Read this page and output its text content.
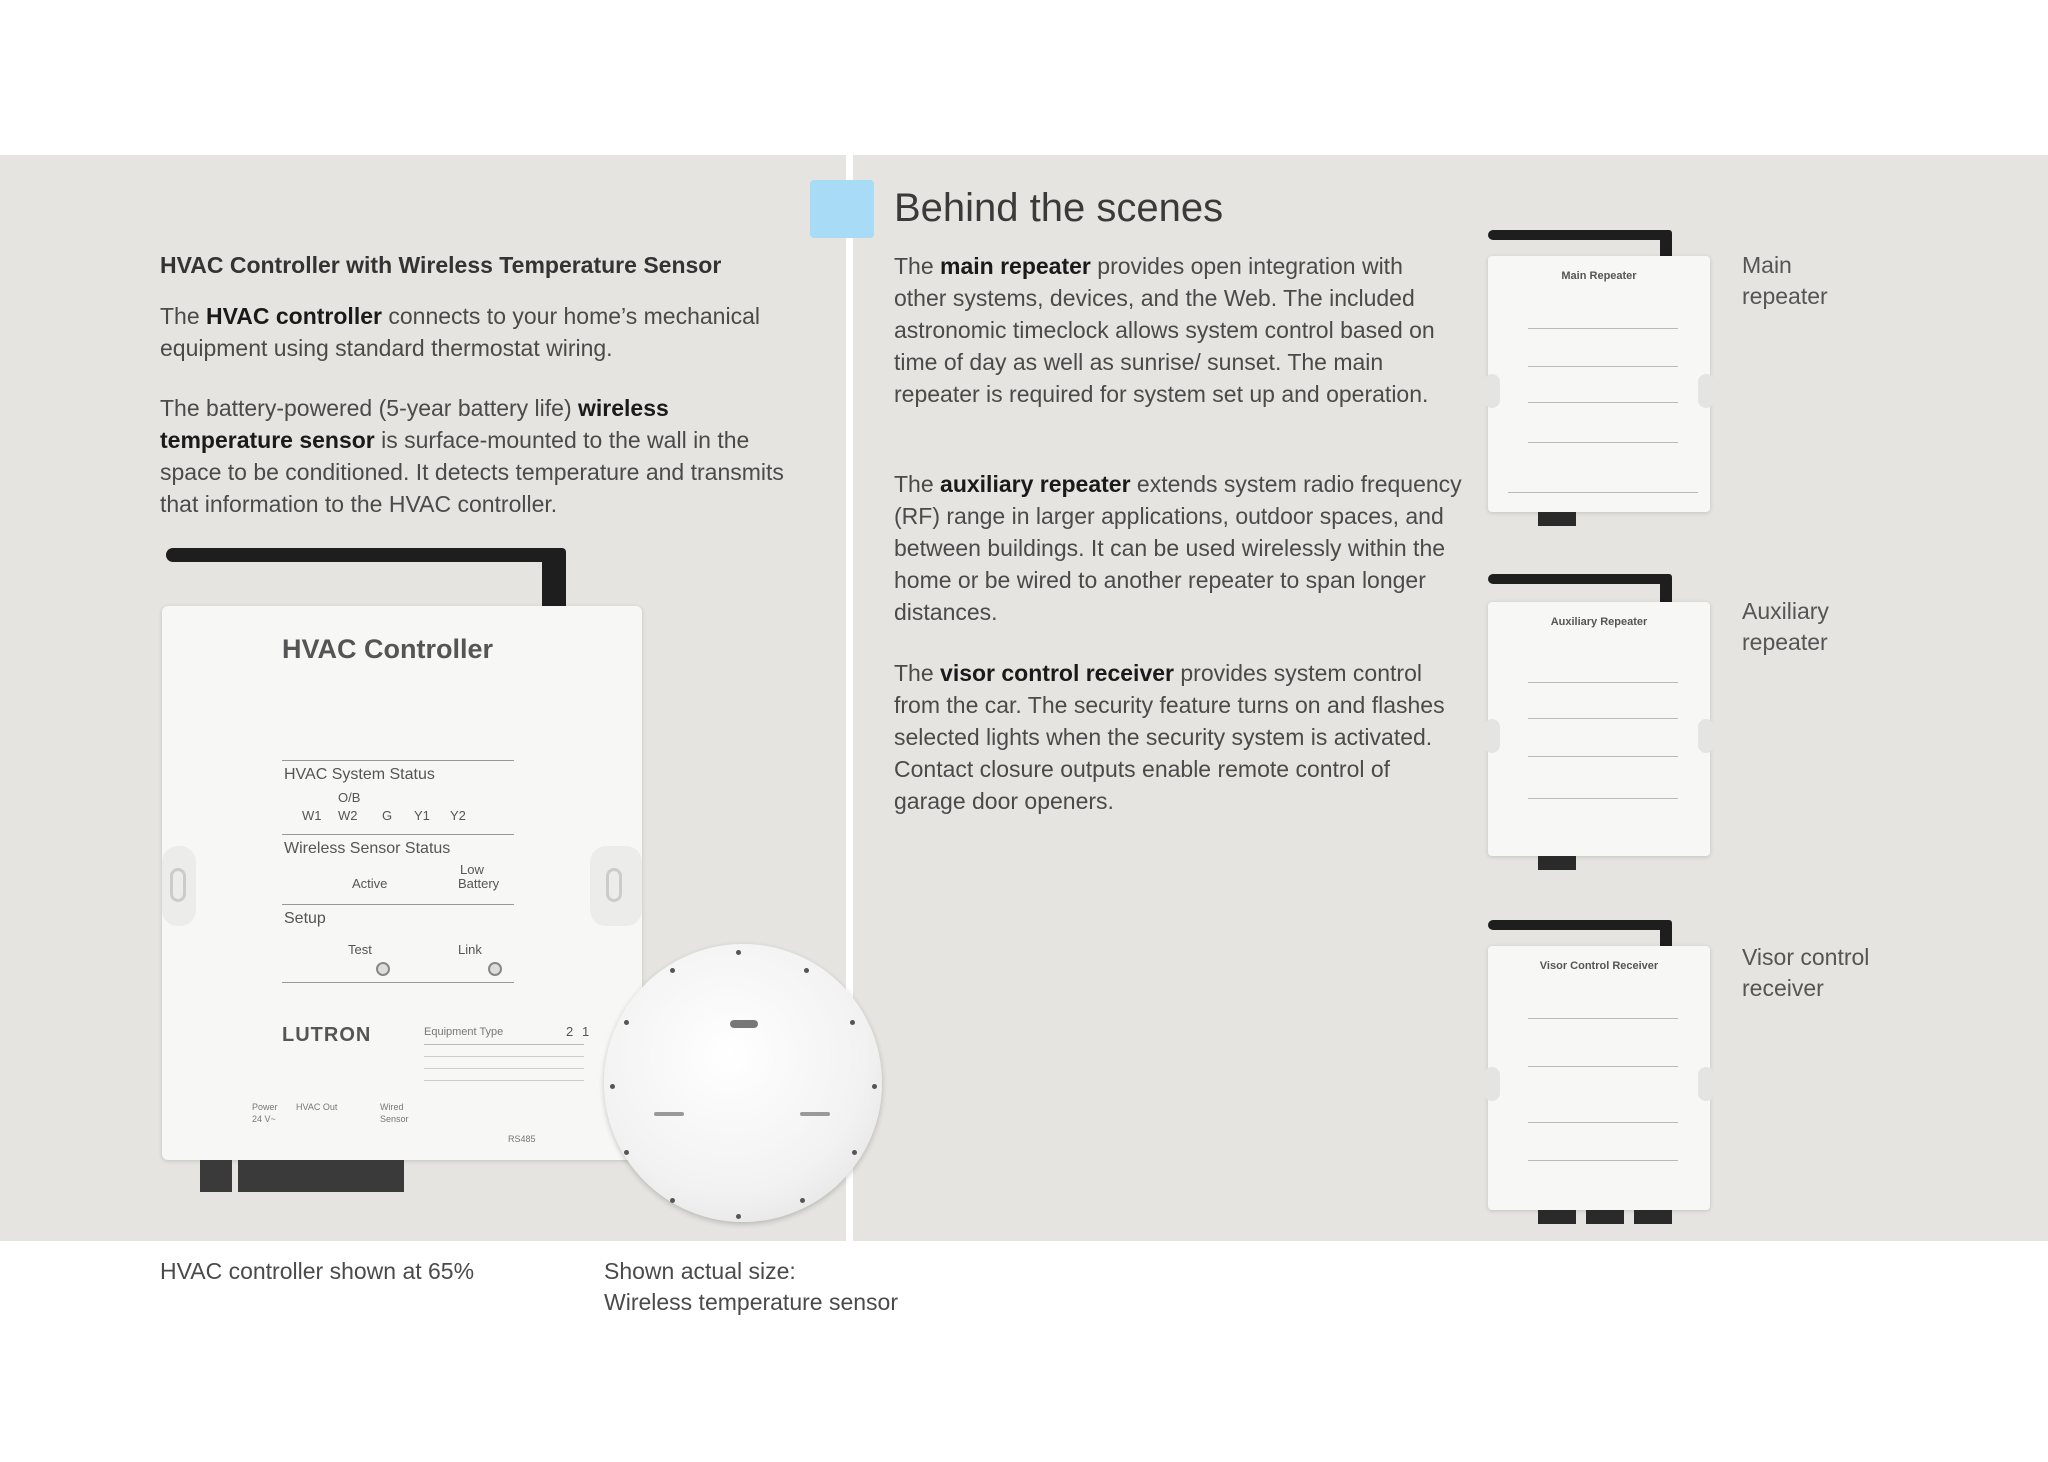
HVAC Controller with Wireless Temperature Sensor

The HVAC controller connects to your home’s mechanical equipment using standard thermostat wiring.

The battery-powered (5-year battery life) wireless temperature sensor is surface-mounted to the wall in the space to be conditioned. It detects temperature and transmits that information to the HVAC controller.

Behind the scenes

The main repeater provides open integration with other systems, devices, and the Web. The included astronomic timeclock allows system control based on time of day as well as sunrise/ sunset. The main repeater is required for system set up and operation.

The auxiliary repeater extends system radio frequency (RF) range in larger applications, outdoor spaces, and between buildings. It can be used wirelessly within the home or be wired to another repeater to span longer distances.

The visor control receiver provides system control from the car. The security feature turns on and flashes selected lights when the security system is activated. Contact closure outputs enable remote control of garage door openers.

Main
repeater
Auxiliary
repeater
Visor control
receiver
HVAC controller shown at 65%	Shown actual size:
Wireless temperature sensor
HVAC Controller
HVAC System Status
O/B
W1 W2 G Y1 Y2
Wireless Sensor Status
Low
Active	Battery
Setup
Test	Link
LUTRON	Equipment Type	2 1
Power
24 V~
HVAC Out	Wired
Sensor
RS485
Main Repeater
Auxiliary Repeater
Visor Control Receiver
